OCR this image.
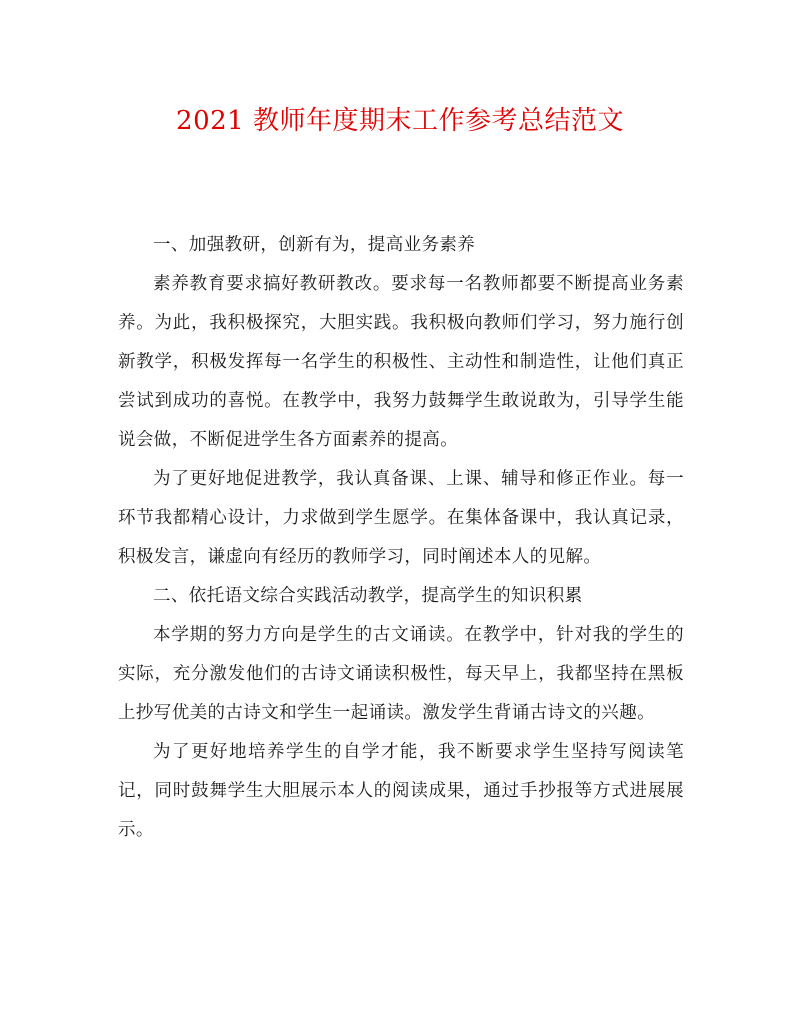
2021 教师年度期末工作参考总结范文

一、加强教研，创新有为，提高业务素养

素养教育要求搞好教研教改。要求每一名教师都要不断提高业务素养。为此，我积极探究，大胆实践。我积极向教师们学习，努力施行创新教学，积极发挥每一名学生的积极性、主动性和制造性，让他们真正尝试到成功的喜悦。在教学中，我努力鼓舞学生敢说敢为，引导学生能说会做，不断促进学生各方面素养的提高。

为了更好地促进教学，我认真备课、上课、辅导和修正作业。每一环节我都精心设计，力求做到学生愿学。在集体备课中，我认真记录，积极发言，谦虚向有经历的教师学习，同时阐述本人的见解。

二、依托语文综合实践活动教学，提高学生的知识积累

本学期的努力方向是学生的古文诵读。在教学中，针对我的学生的实际，充分激发他们的古诗文诵读积极性，每天早上，我都坚持在黑板上抄写优美的古诗文和学生一起诵读。激发学生背诵古诗文的兴趣。

为了更好地培养学生的自学才能，我不断要求学生坚持写阅读笔记，同时鼓舞学生大胆展示本人的阅读成果，通过手抄报等方式进展展示。
